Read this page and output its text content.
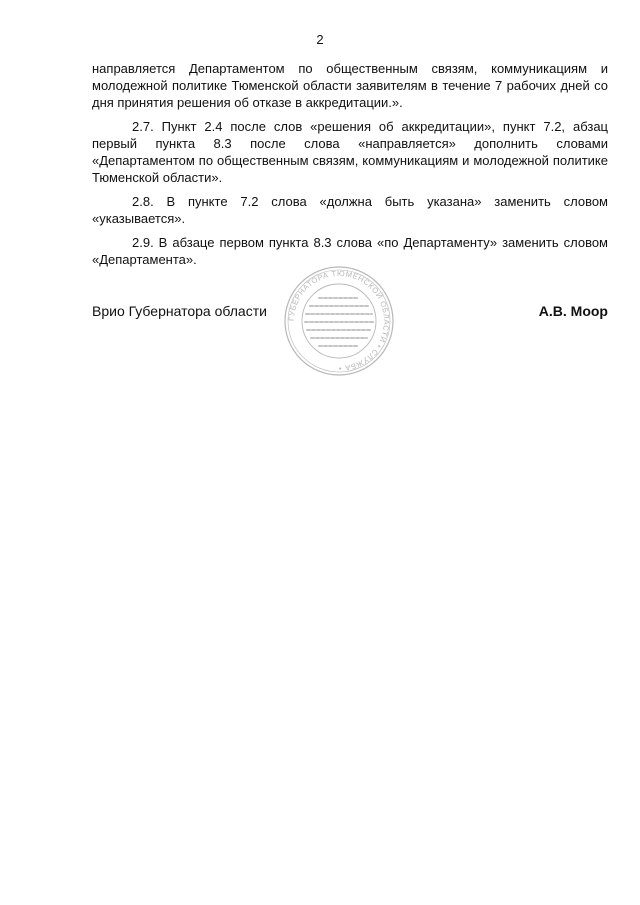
2

направляется Департаментом по общественным связям, коммуникациям и молодежной политике Тюменской области заявителям в течение 7 рабочих дней со дня принятия решения об отказе в аккредитации.».

2.7. Пункт 2.4 после слов «решения об аккредитации», пункт 7.2, абзац первый пункта 8.3 после слова «направляется» дополнить словами «Департаментом по общественным связям, коммуникациям и молодежной политике Тюменской области».

2.8. В пункте 7.2 слова «должна быть указана» заменить словом «указывается».

2.9. В абзаце первом пункта 8.3 слова «по Департаменту» заменить словом «Департамента».

Врио Губернатора области	А.В. Моор
ГУБЕРНАТОРА ТЮМЕНСКОЙ ОБЛАСТИ • СЛУЖБА •
